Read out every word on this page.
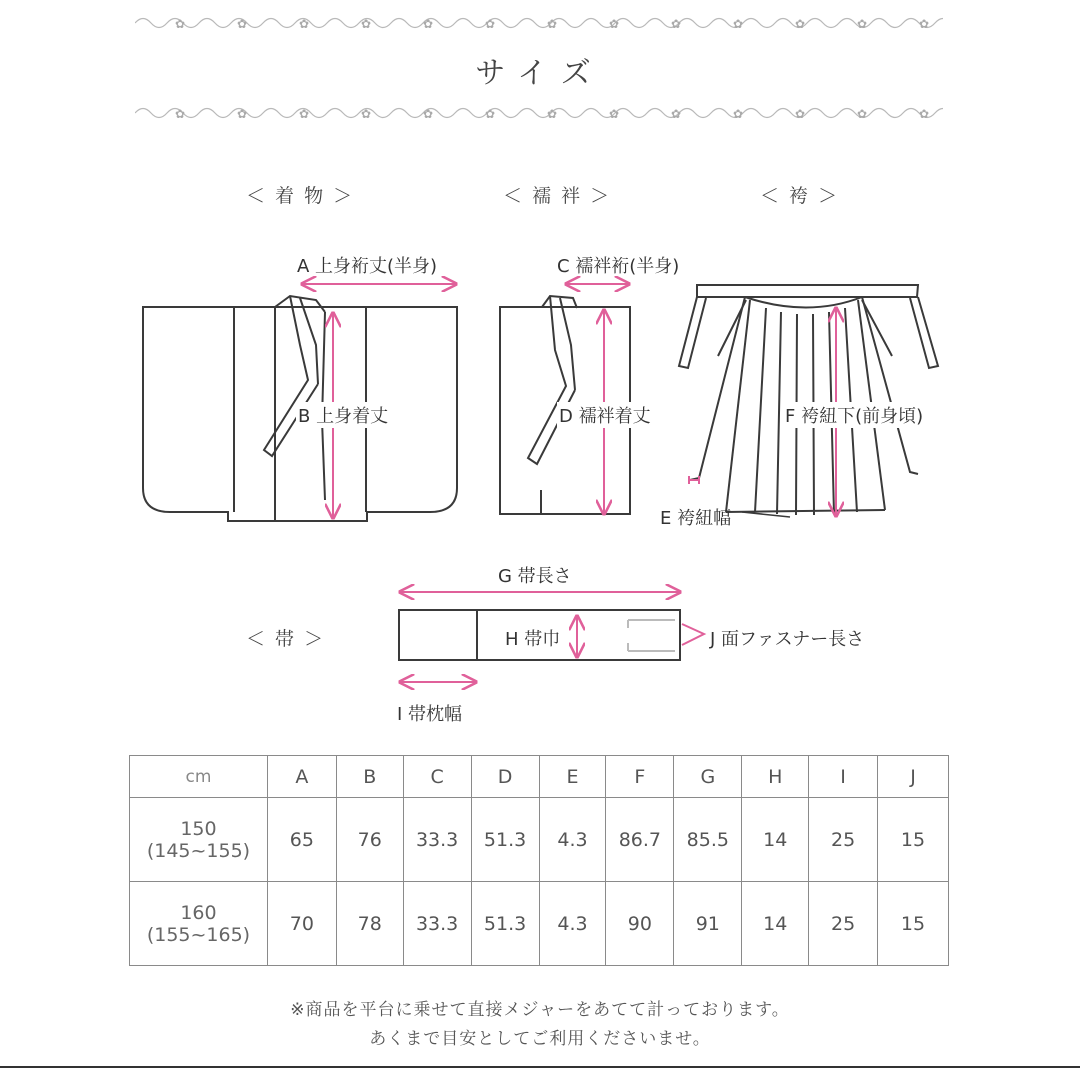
✿	✿	✿	✿	✿	✿	✿	✿	✿	✿	✿	✿	✿
サイズ
✿	✿	✿	✿	✿	✿	✿	✿	✿	✿	✿	✿	✿
＜ 着 物 ＞	＜ 襦 袢 ＞	＜ 袴 ＞
＜ 帯 ＞
A 上身裄丈(半身)
B 上身着丈
C 襦袢裄(半身)
D 襦袢着丈
E 袴紐幅
F 袴紐下(前身頃)
G 帯長さ
H 帯巾
I 帯枕幅
J 面ファスナー長さ
cm	A	B	C	D	E	F	G	H	I	J

150
(145~155)	65	76	33.3	51.3	4.3	86.7	85.5	14	25	15

160
(155~165)	70	78	33.3	51.3	4.3	90	91	14	25	15
※商品を平台に乗せて直接メジャーをあてて計っております。
あくまで目安としてご利用くださいませ。
